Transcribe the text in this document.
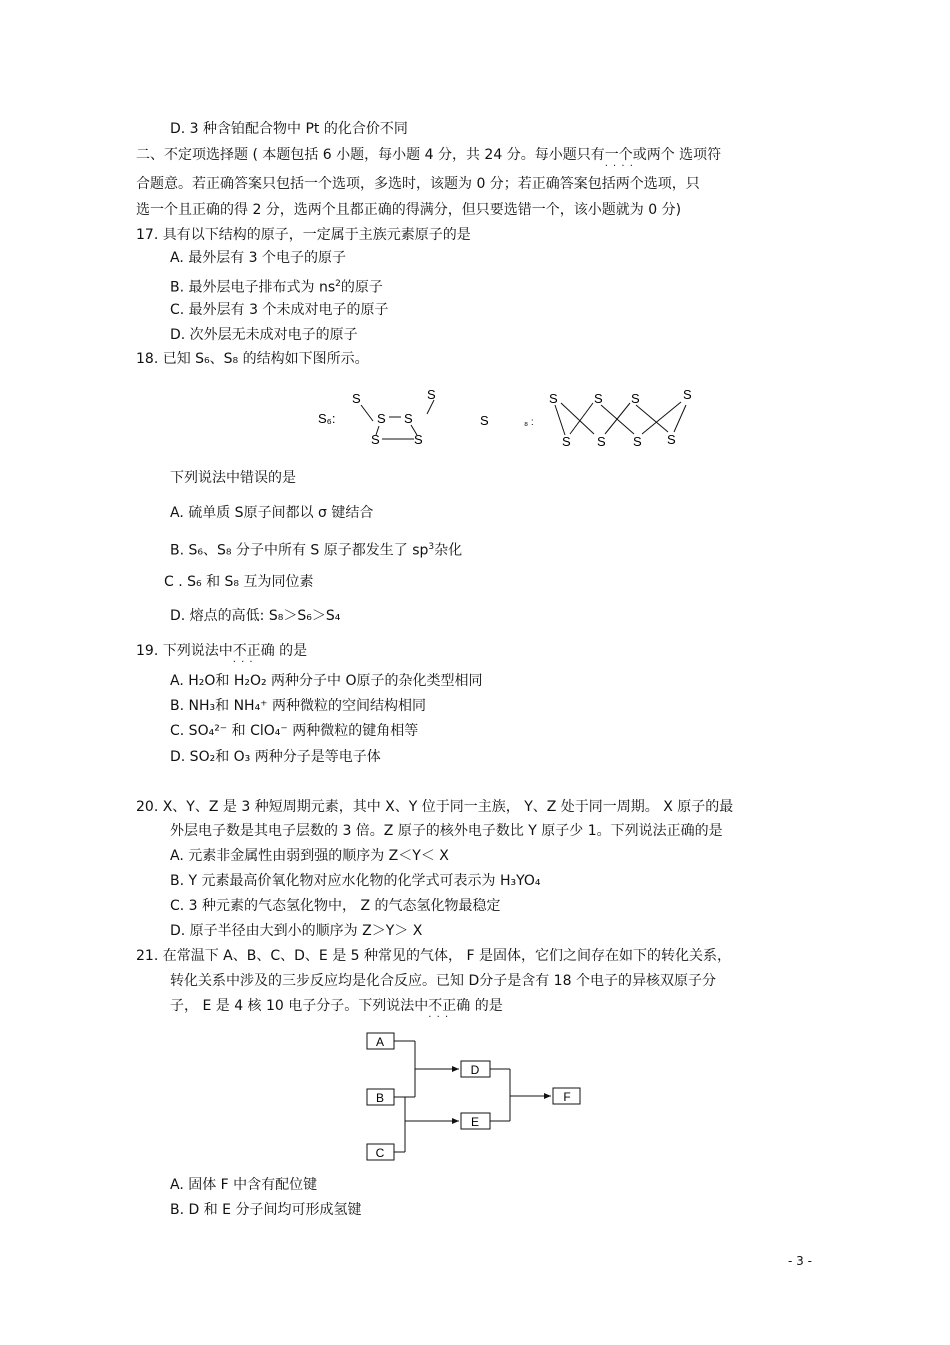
D. 3 种含铂配合物中 Pt 的化合价不同
二、不定项选择题 ( 本题包括 6 小题，每小题 4 分，共 24 分。每小题只有一个或两个 · · · · 选项符
合题意。若正确答案只包括一个选项，多选时，该题为 0 分；若正确答案包括两个选项，只
选一个且正确的得 2 分，选两个且都正确的得满分，但只要选错一个，该小题就为 0 分)
17. 具有以下结构的原子，一定属于主族元素原子的是
A. 最外层有 3 个电子的原子
B. 最外层电子排布式为 $ns^2$的原子
C. 最外层有 3 个未成对电子的原子
D. 次外层无未成对电子的原子
18. 已知 S₆、S₈ 的结构如下图所示。
S₆:
S	S
S S
S	S
S	₈ :
S	S S	S
S S S S
下列说法中错误的是
A. 硫单质 S原子间都以 σ 键结合
B. S₆、S₈ 分子中所有 S 原子都发生了 $sp^3$杂化
C . S₆ 和 S₈ 互为同位素
D. 熔点的高低: S₈＞S₆＞S₄
19. 下列说法中不正确 · · · 的是
A. H₂O和 H₂O₂ 两种分子中 O原子的杂化类型相同
B. NH₃和 NH₄⁺ 两种微粒的空间结构相同
C. SO₄²⁻ 和 ClO₄⁻ 两种微粒的键角相等
D. SO₂和 O₃ 两种分子是等电子体
20. X、Y、Z 是 3 种短周期元素，其中 X、Y 位于同一主族， Y、Z 处于同一周期。 X 原子的最
外层电子数是其电子层数的 3 倍。Z 原子的核外电子数比 Y 原子少 1。下列说法正确的是
A. 元素非金属性由弱到强的顺序为 Z＜Y＜ X
B. Y 元素最高价氧化物对应水化物的化学式可表示为 H₃YO₄
C. 3 种元素的气态氢化物中， Z 的气态氢化物最稳定
D. 原子半径由大到小的顺序为 Z＞Y＞ X
21. 在常温下 A、B、C、D、E 是 5 种常见的气体， F 是固体，它们之间存在如下的转化关系，
转化关系中涉及的三步反应均是化合反应。已知 D分子是含有 18 个电子的异核双原子分
子， E 是 4 核 10 电子分子。下列说法中不正确 · · · 的是
A
B
C
D
E
F
A. 固体 F 中含有配位键
B. D 和 E 分子间均可形成氢键
- 3 -
